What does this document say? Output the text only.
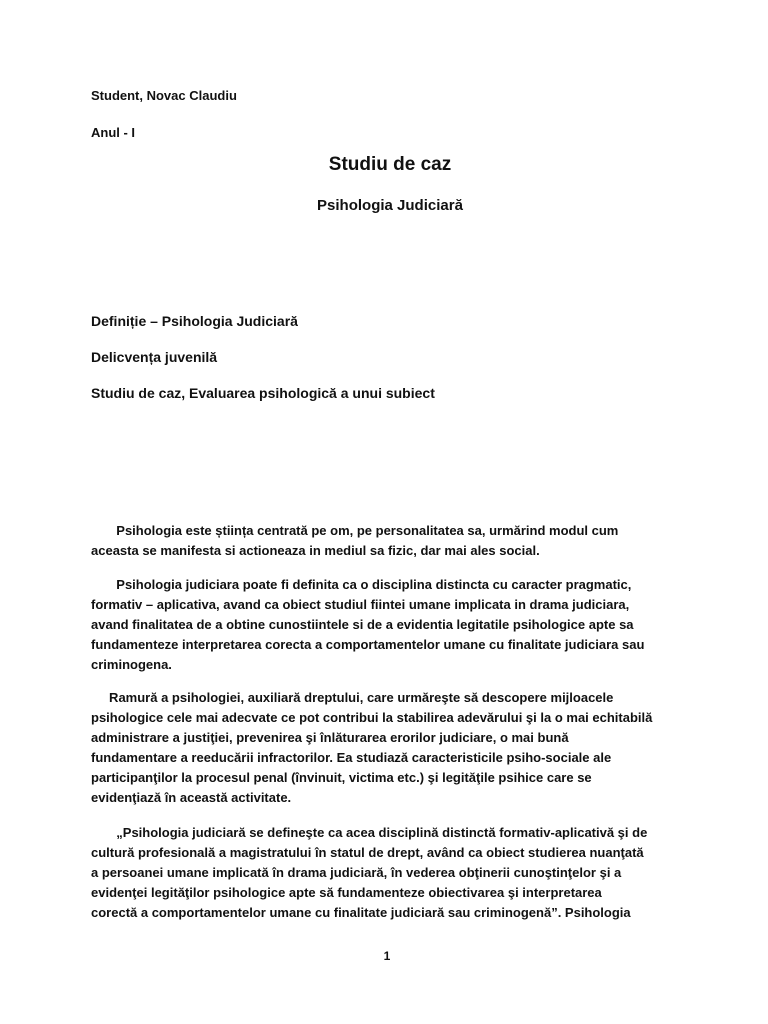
Student, Novac Claudiu
Anul - I
Studiu de caz
Psihologia Judiciară
Definiție – Psihologia Judiciară
Delicvența juvenilă
Studiu de caz, Evaluarea psihologică a unui subiect
Psihologia este știința centrată pe om, pe personalitatea sa, urmărind modul cum
aceasta se manifesta si actioneaza in mediul sa fizic, dar mai ales social.
Psihologia judiciara poate fi definita ca o disciplina distincta cu caracter pragmatic,
formativ – aplicativa, avand ca obiect studiul fiintei umane implicata in drama judiciara,
avand finalitatea de a obtine cunostiintele si de a evidentia legitatile psihologice apte sa
fundamenteze interpretarea corecta a comportamentelor umane cu finalitate judiciara sau
criminogena.
Ramură a psihologiei, auxiliară dreptului, care urmăreşte să descopere mijloacele
psihologice cele mai adecvate ce pot contribui la stabilirea adevărului şi la o mai echitabilă
administrare a justiţiei, prevenirea şi înlăturarea erorilor judiciare, o mai bună
fundamentare a reeducării infractorilor. Ea studiază caracteristicile psiho-sociale ale
participanţilor la procesul penal (învinuit, victima etc.) şi legităţile psihice care se
evidenţiază în această activitate.
„Psihologia judiciară se defineşte ca acea disciplină distinctă formativ-aplicativă şi de
cultură profesională a magistratului în statul de drept, având ca obiect studierea nuanţată
a persoanei umane implicată în drama judiciară, în vederea obţinerii cunoştinţelor şi a
evidenţei legităţilor psihologice apte să fundamenteze obiectivarea şi interpretarea
corectă a comportamentelor umane cu finalitate judiciară sau criminogenă”. Psihologia
1
